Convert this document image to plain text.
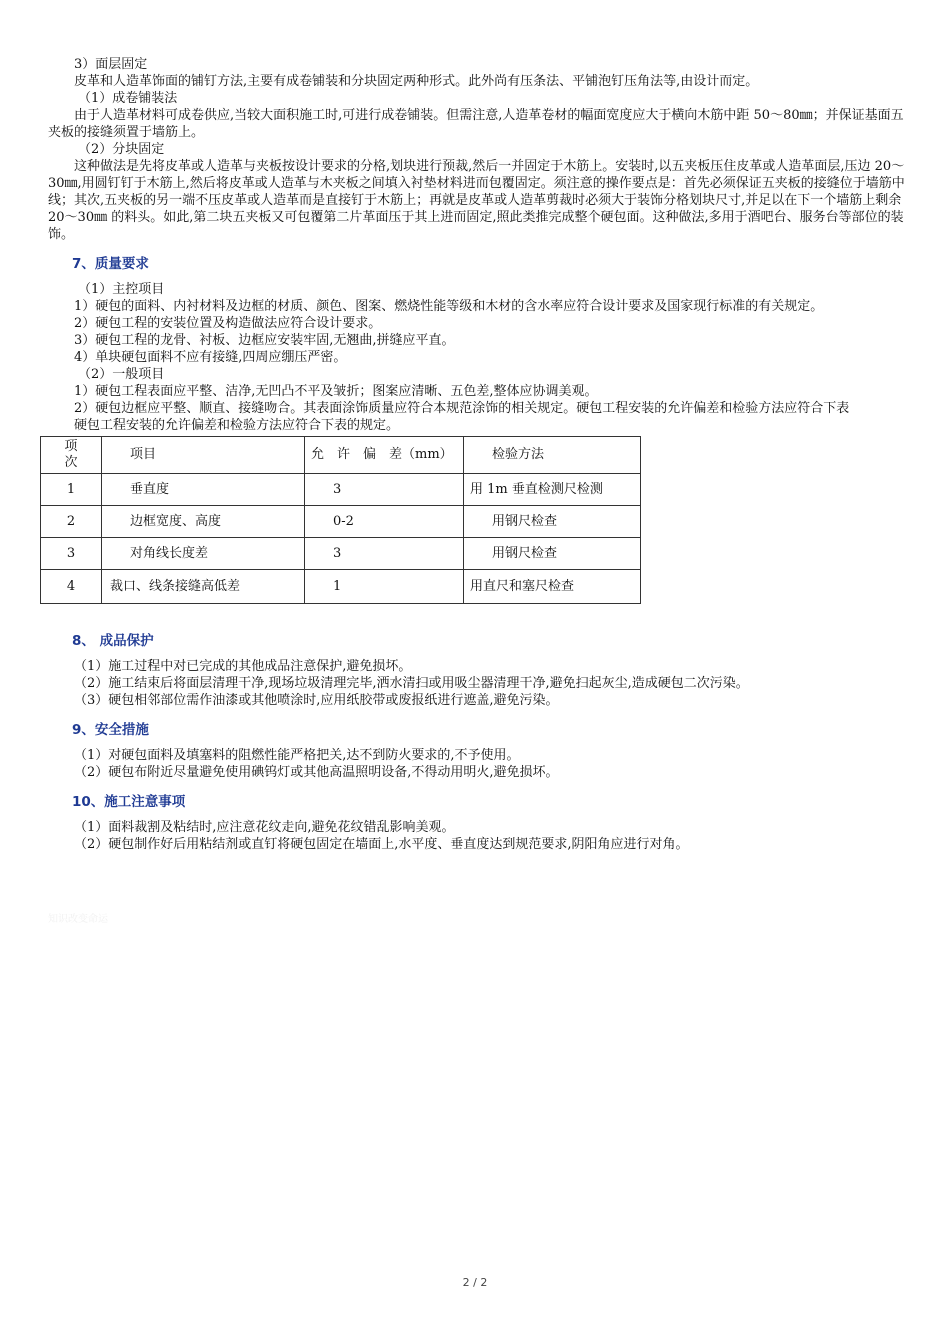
3）面层固定

皮革和人造革饰面的铺钉方法,主要有成卷铺装和分块固定两种形式。此外尚有压条法、平铺泡钉压角法等,由设计而定。

（1）成卷铺装法

由于人造革材料可成卷供应,当较大面积施工时,可进行成卷铺装。但需注意,人造革卷材的幅面宽度应大于横向木筋中距 50～80㎜；并保证基面五夹板的接缝须置于墙筋上。

（2）分块固定

这种做法是先将皮革或人造革与夹板按设计要求的分格,划块进行预裁,然后一并固定于木筋上。安装时,以五夹板压住皮革或人造革面层,压边 20～30㎜,用圆钉钉于木筋上,然后将皮革或人造革与木夹板之间填入衬垫材料进而包覆固定。须注意的操作要点是：首先必须保证五夹板的接缝位于墙筋中线；其次,五夹板的另一端不压皮革或人造革而是直接钉于木筋上；再就是皮革或人造革剪裁时必须大于装饰分格划块尺寸,并足以在下一个墙筋上剩余 20～30㎜ 的料头。如此,第二块五夹板又可包覆第二片革面压于其上进而固定,照此类推完成整个硬包面。这种做法,多用于酒吧台、服务台等部位的装饰。

7、质量要求

（1）主控项目

1）硬包的面料、内衬材料及边框的材质、颜色、图案、燃烧性能等级和木材的含水率应符合设计要求及国家现行标准的有关规定。

2）硬包工程的安装位置及构造做法应符合设计要求。

3）硬包工程的龙骨、衬板、边框应安装牢固,无翘曲,拼缝应平直。

4）单块硬包面料不应有接缝,四周应绷压严密。

（2）一般项目

1）硬包工程表面应平整、洁净,无凹凸不平及皱折；图案应清晰、五色差,整体应协调美观。

2）硬包边框应平整、顺直、接缝吻合。其表面涂饰质量应符合本规范涂饰的相关规定。硬包工程安装的允许偏差和检验方法应符合下表

硬包工程安装的允许偏差和检验方法应符合下表的规定。

项　　次	项目	允　许　偏　差（mm）	检验方法
1	垂直度	3	用 1m 垂直检测尺检测
2	边框宽度、高度	0-2	用钢尺检查
3	对角线长度差	3	用钢尺检查
4	裁口、线条接缝高低差	1	用直尺和塞尺检查
8、 成品保护

（1）施工过程中对已完成的其他成品注意保护,避免损坏。

（2）施工结束后将面层清理干净,现场垃圾清理完毕,洒水清扫或用吸尘器清理干净,避免扫起灰尘,造成硬包二次污染。

（3）硬包相邻部位需作油漆或其他喷涂时,应用纸胶带或废报纸进行遮盖,避免污染。

9、安全措施

（1）对硬包面料及填塞料的阻燃性能严格把关,达不到防火要求的,不予使用。

（2）硬包布附近尽量避免使用碘钨灯或其他高温照明设备,不得动用明火,避免损坏。

10、施工注意事项

（1）面料裁割及粘结时,应注意花纹走向,避免花纹错乱影响美观。

（2）硬包制作好后用粘结剂或直钉将硬包固定在墙面上,水平度、垂直度达到规范要求,阴阳角应进行对角。

知识改变命运
2 / 2
